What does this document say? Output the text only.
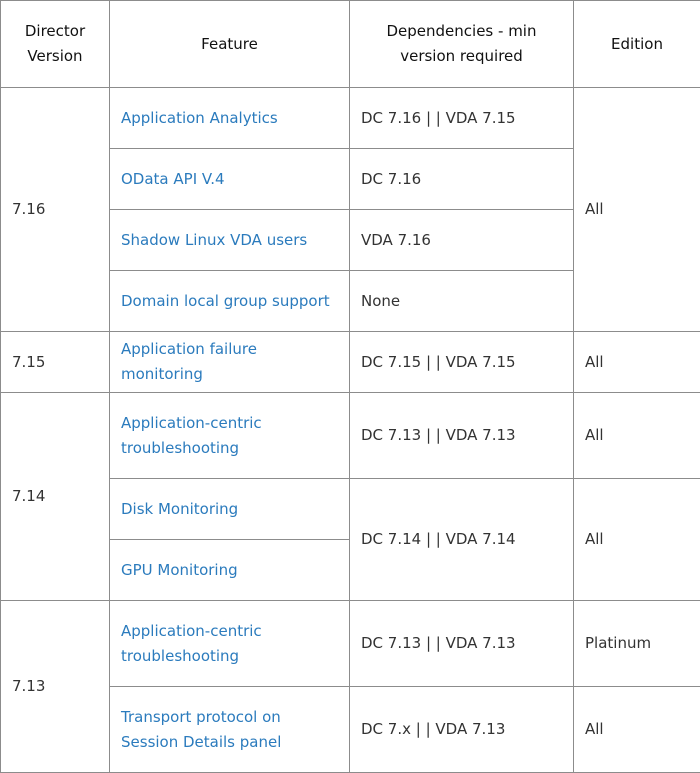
Director Version	Feature	Dependencies - min version required	Edition
7.16	Application Analytics	DC 7.16 | | VDA 7.15	All
	OData API V.4	DC 7.16	
	Shadow Linux VDA users	VDA 7.16	
	Domain local group support	None	
7.15	Application failure monitoring	DC 7.15 | | VDA 7.15	All
7.14	Application-centric troubleshooting	DC 7.13 | | VDA 7.13	All
	Disk Monitoring	DC 7.14 | | VDA 7.14	All
	GPU Monitoring		
7.13	Application-centric troubleshooting	DC 7.13 | | VDA 7.13	Platinum
	Transport protocol on Session Details panel	DC 7.x | | VDA 7.13	All
